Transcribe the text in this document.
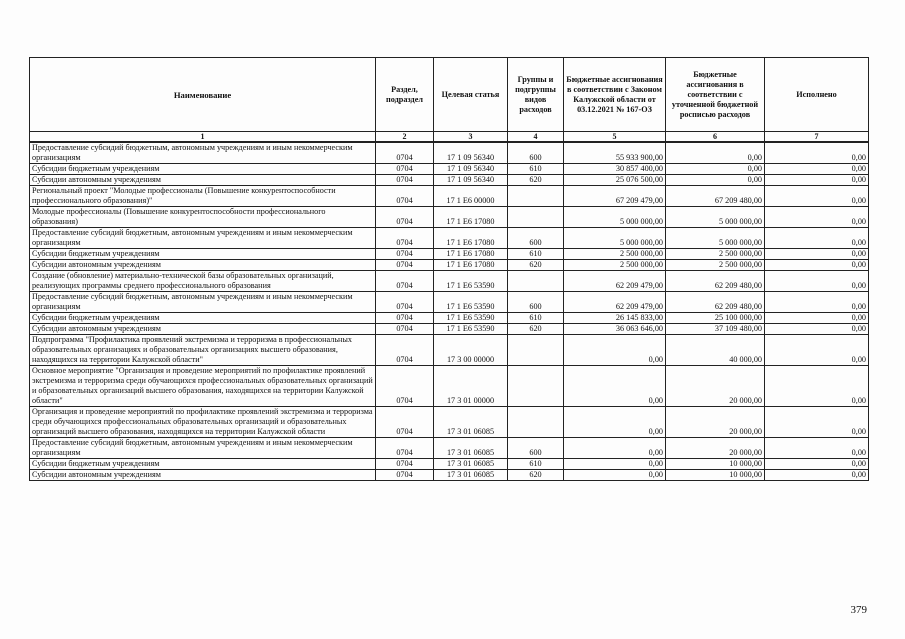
Наименование	Раздел, подраздел	Целевая статья	Группы и подгруппы видов расходов	Бюджетные ассигнования в соответствии с Законом Калужской области от 03.12.2021 № 167-ОЗ	Бюджетные ассигнования в соответствии с уточненной бюджетной росписью расходов	Исполнено
1	2	3	4	5	6	7
Предоставление субсидий бюджетным, автономным учреждениям и иным некоммерческим организациям	0704	17 1 09 56340	600	55 933 900,00	0,00	0,00
Субсидии бюджетным учреждениям	0704	17 1 09 56340	610	30 857 400,00	0,00	0,00
Субсидии автономным учреждениям	0704	17 1 09 56340	620	25 076 500,00	0,00	0,00
Региональный проект "Молодые профессионалы (Повышение конкурентоспособности профессионального образования)"	0704	17 1 Е6 00000		67 209 479,00	67 209 480,00	0,00
Молодые профессионалы (Повышение конкурентоспособности профессионального образования)	0704	17 1 Е6 17080		5 000 000,00	5 000 000,00	0,00
Предоставление субсидий бюджетным, автономным учреждениям и иным некоммерческим организациям	0704	17 1 Е6 17080	600	5 000 000,00	5 000 000,00	0,00
Субсидии бюджетным учреждениям	0704	17 1 Е6 17080	610	2 500 000,00	2 500 000,00	0,00
Субсидии автономным учреждениям	0704	17 1 Е6 17080	620	2 500 000,00	2 500 000,00	0,00
Создание (обновление) материально-технической базы образовательных организаций, реализующих программы среднего профессионального образования	0704	17 1 Е6 53590		62 209 479,00	62 209 480,00	0,00
Предоставление субсидий бюджетным, автономным учреждениям и иным некоммерческим организациям	0704	17 1 Е6 53590	600	62 209 479,00	62 209 480,00	0,00
Субсидии бюджетным учреждениям	0704	17 1 Е6 53590	610	26 145 833,00	25 100 000,00	0,00
Субсидии автономным учреждениям	0704	17 1 Е6 53590	620	36 063 646,00	37 109 480,00	0,00
Подпрограмма "Профилактика проявлений экстремизма и терроризма в профессиональных образовательных организациях и образовательных организациях высшего образования, находящихся на территории Калужской области"	0704	17 3 00 00000		0,00	40 000,00	0,00
Основное мероприятие "Организация и проведение мероприятий по профилактике проявлений экстремизма и терроризма среди обучающихся профессиональных образовательных организаций и образовательных организаций высшего образования, находящихся на территории Калужской области"	0704	17 3 01 00000		0,00	20 000,00	0,00
Организация и проведение мероприятий по профилактике проявлений экстремизма и терроризма среди обучающихся профессиональных образовательных организаций и образовательных организаций высшего образования, находящихся на территории Калужской области	0704	17 3 01 06085		0,00	20 000,00	0,00
Предоставление субсидий бюджетным, автономным учреждениям и иным некоммерческим организациям	0704	17 3 01 06085	600	0,00	20 000,00	0,00
Субсидии бюджетным учреждениям	0704	17 3 01 06085	610	0,00	10 000,00	0,00
Субсидии автономным учреждениям	0704	17 3 01 06085	620	0,00	10 000,00	0,00
379
